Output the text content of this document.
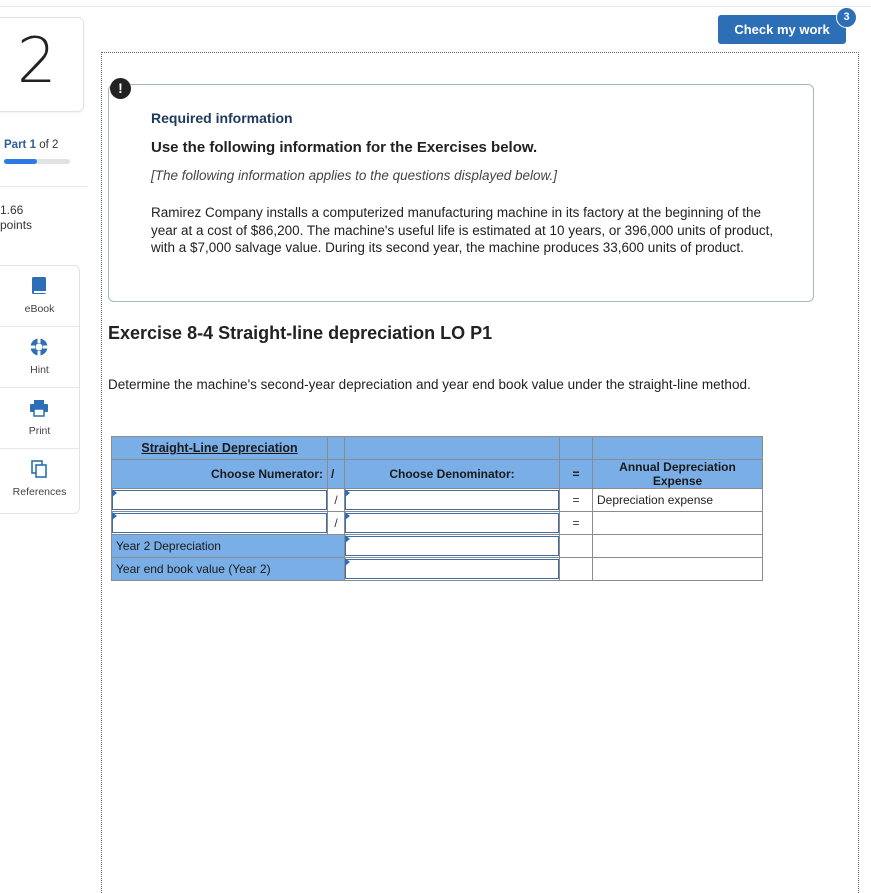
2
Part 1 of 2
1.66
points
eBook
Hint
Print
References
Check my work
3
!
Required information
Use the following information for the Exercises below.
[The following information applies to the questions displayed below.]
Ramirez Company installs a computerized manufacturing machine in its factory at the beginning of the year at a cost of $86,200. The machine's useful life is estimated at 10 years, or 396,000 units of product, with a $7,000 salvage value. During its second year, the machine produces 33,600 units of product.
Exercise 8-4 Straight-line depreciation LO P1
Determine the machine's second-year depreciation and year end book value under the straight-line method.
Straight-Line Depreciation				
Choose Numerator:	/	Choose Denominator:	=	Annual Depreciation Expense

	/		=	Depreciation expense

	/		=	
Year 2 Depreciation	

Year end book value (Year 2)	
